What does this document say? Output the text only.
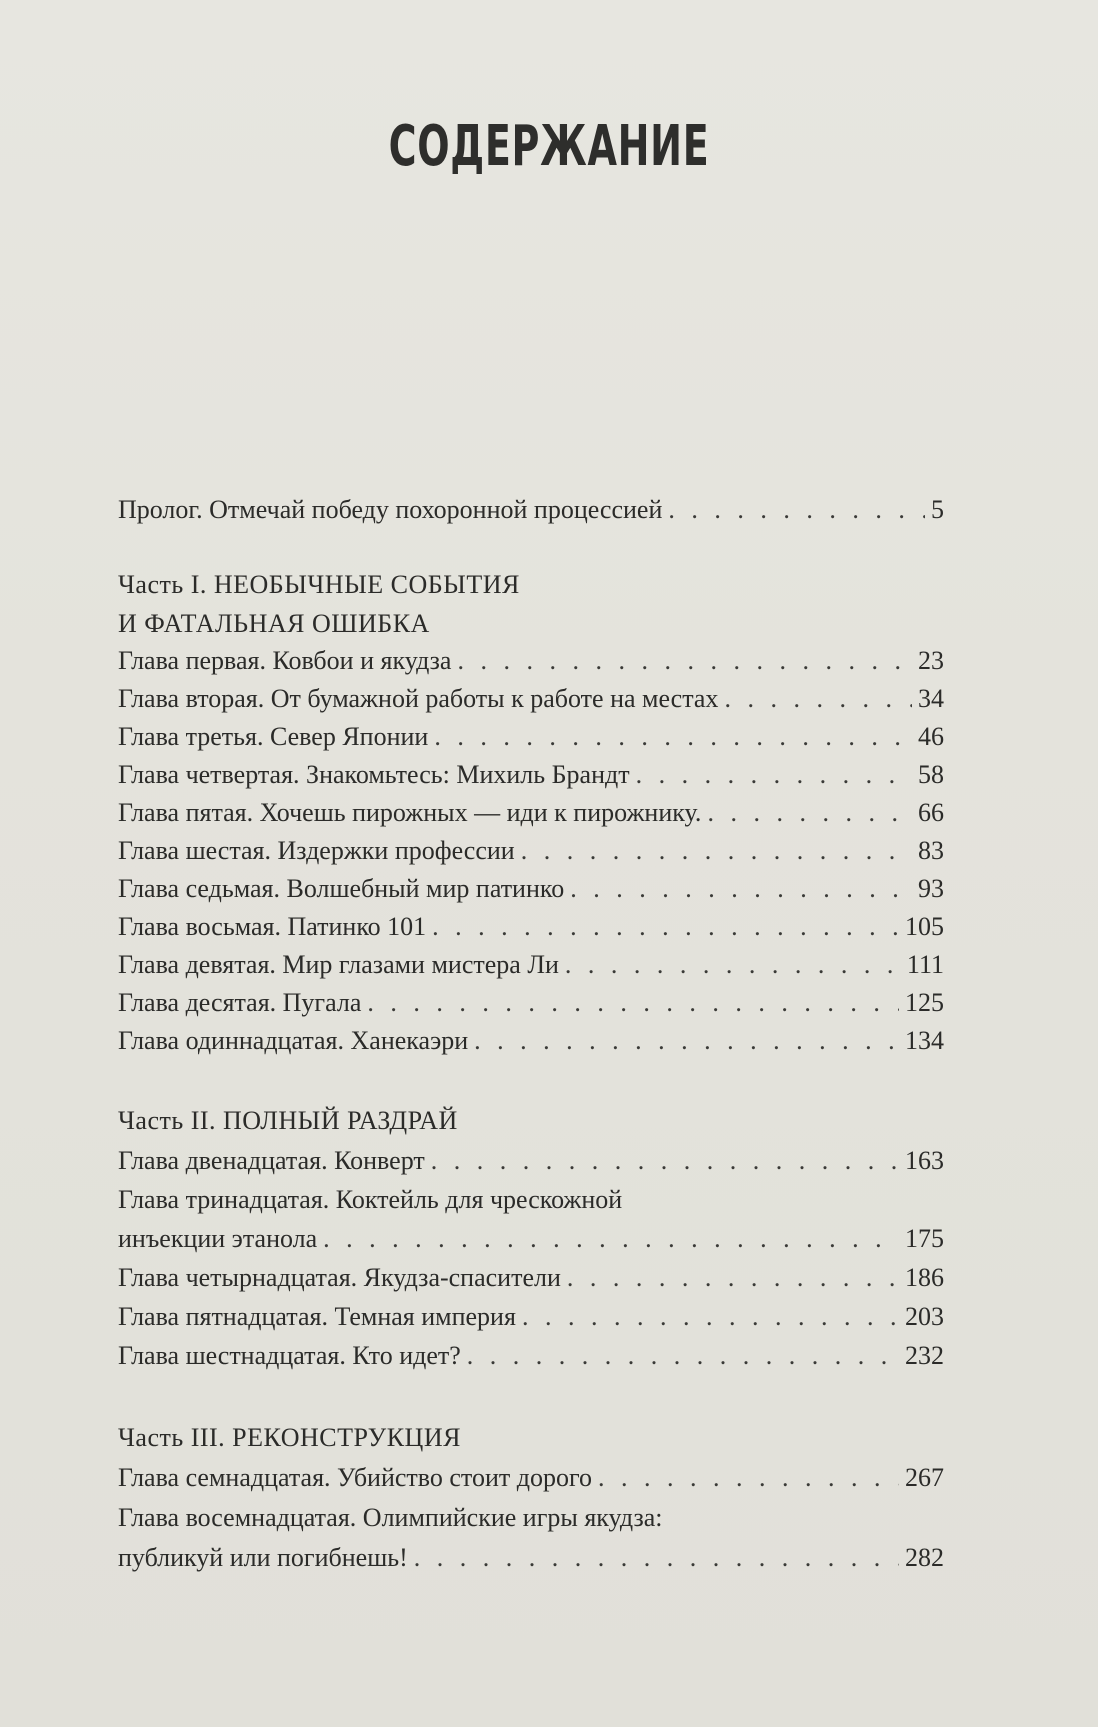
СОДЕРЖАНИЕ
Пролог. Отмечай победу похоронной процессией . . .	5
Часть I. НЕОБЫЧНЫЕ СОБЫТИЯ
И ФАТАЛЬНАЯ ОШИБКА
Глава первая. Ковбои и якудза . . .	23
Глава вторая. От бумажной работы к работе на местах . . .	34
Глава третья. Север Японии . . .	46
Глава четвертая. Знакомьтесь: Михиль Брандт . . .	58
Глава пятая. Хочешь пирожных — иди к пирожнику. . . .	66
Глава шестая. Издержки профессии . . .	83
Глава седьмая. Волшебный мир патинко . . .	93
Глава восьмая. Патинко 101 . . .	105
Глава девятая. Мир глазами мистера Ли . . .	111
Глава десятая. Пугала . . .	125
Глава одиннадцатая. Ханекаэри . . .	134
Часть II. ПОЛНЫЙ РАЗДРАЙ
Глава двенадцатая. Конверт . . .	163
Глава тринадцатая. Коктейль для чрескожной
инъекции этанола . . .	175
Глава четырнадцатая. Якудза-спасители . . .	186
Глава пятнадцатая. Темная империя . . .	203
Глава шестнадцатая. Кто идет? . . .	232
Часть III. РЕКОНСТРУКЦИЯ
Глава семнадцатая. Убийство стоит дорого . . .	267
Глава восемнадцатая. Олимпийские игры якудза:
публикуй или погибнешь! . . .	282
